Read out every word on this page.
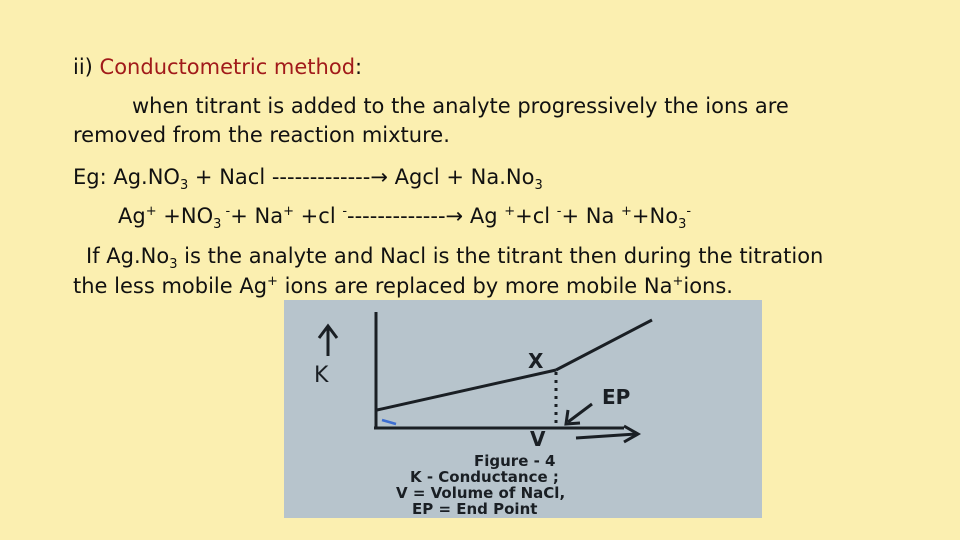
ii) Conductometric method:
when titrant is added to the analyte progressively the ions are
removed from the reaction mixture.
Eg: $Ag.NO_3$ + Nacl -------------→ Agcl + $Na.No_3$
$Ag^+ +NO_3$ -+ Na+ +cl --------------→ Ag ++cl -+ Na $^++No_3^-$
If $Ag.No_3$ is the analyte and Nacl is the titrant then during the titration
the less mobile Ag+ ions are replaced by more mobile Na+ions.
K
X
EP
V
Figure - 4
K - Conductance ;
V = Volume of NaCl,
EP = End Point
